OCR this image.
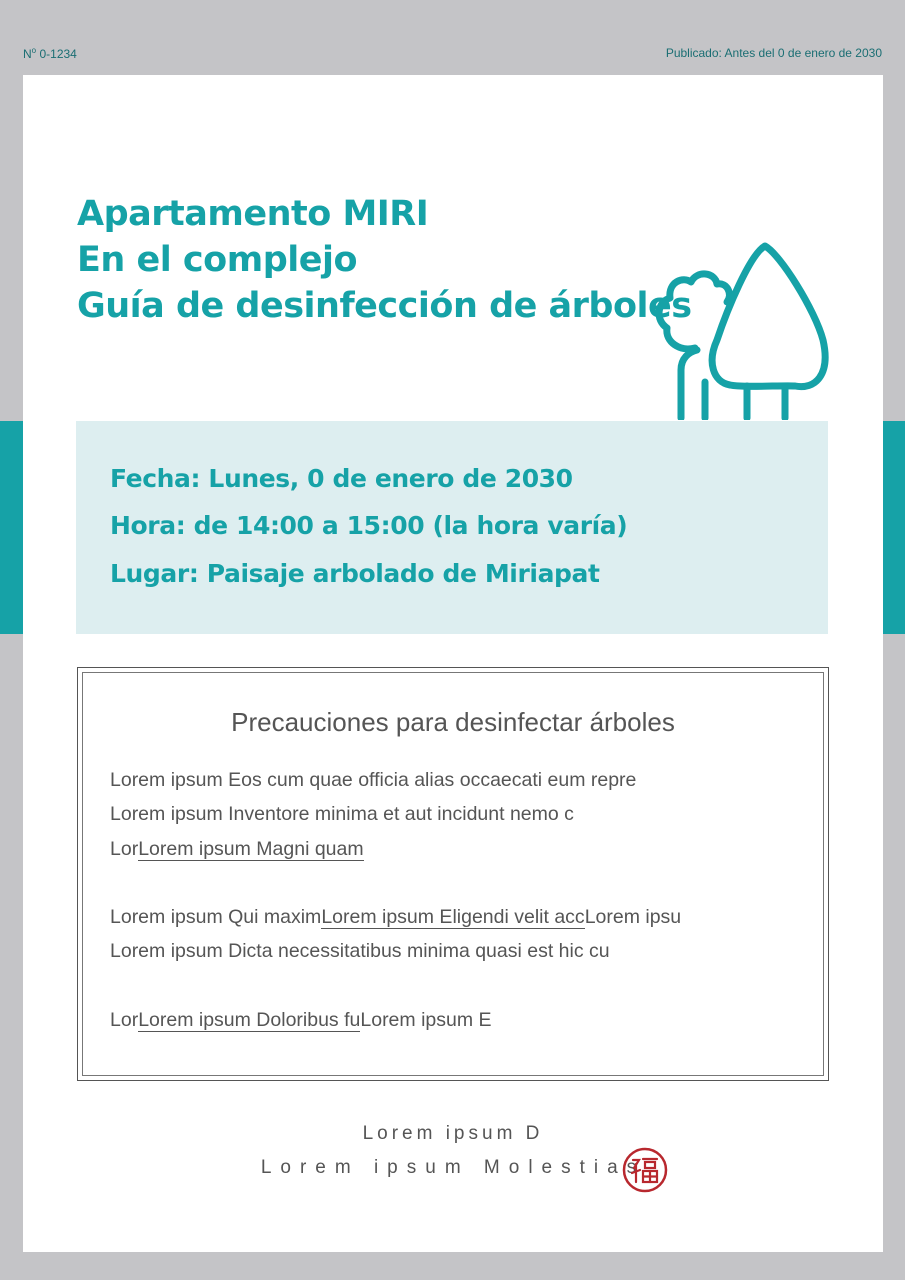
$N^o$ 0-1234	Publicado: Antes del 0 de enero de 2030
Apartamento MIRI
En el complejo
Guía de desinfección de árboles
Fecha: Lunes, 0 de enero de 2030
Hora: de 14:00 a 15:00 (la hora varía)
Lugar: Paisaje arbolado de Miriapat
Precauciones para desinfectar árboles
Lorem ipsum Eos cum quae officia alias occaecati eum repre
Lorem ipsum Inventore minima et aut incidunt nemo c
LorLorem ipsum Magni quam
Lorem ipsum Qui maximLorem ipsum Eligendi velit accLorem ipsu
Lorem ipsum Dicta necessitatibus minima quasi est hic cu
LorLorem ipsum Doloribus fuLorem ipsum E
Lorem ipsum D
Lorem ipsum Molestias
